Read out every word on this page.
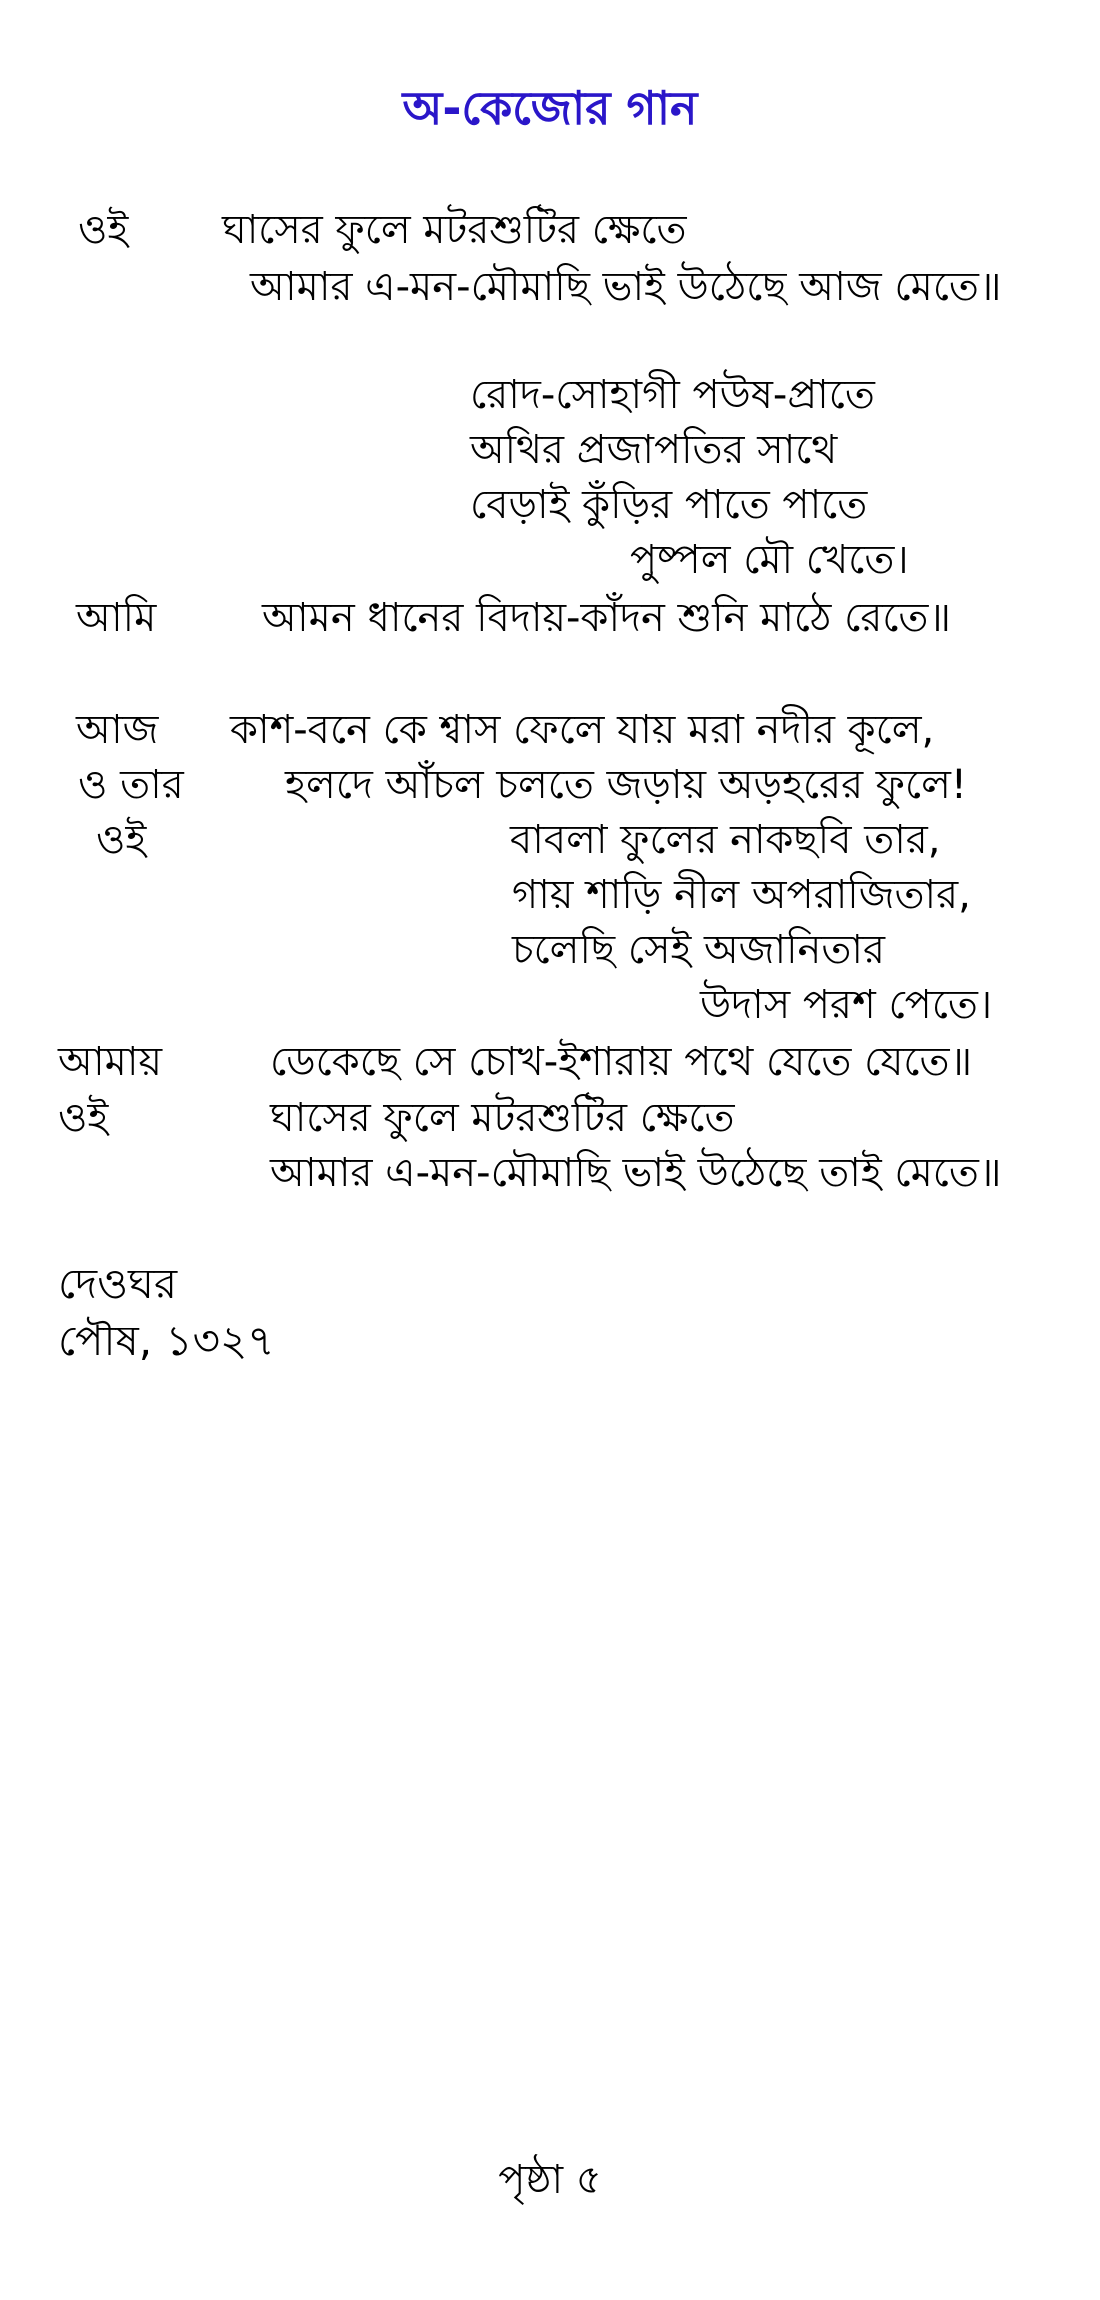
অ-কেজোর গান
ওই ঘাসের ফুলে মটরশুটির ক্ষেতে
আমার এ-মন-মৌমাছি ভাই উঠেছে আজ মেতে॥
রোদ-সোহাগী পউষ-প্রাতে
অথির প্রজাপতির সাথে
বেড়াই কুঁড়ির পাতে পাতে
পুষ্পল মৌ খেতে।
আমি	আমন ধানের বিদায়-কাঁদন শুনি মাঠে রেতে॥
আজ কাশ-বনে কে শ্বাস ফেলে যায় মরা নদীর কূলে,
ও তার	হলদে আঁচল চলতে জড়ায় অড়হরের ফুলে!
ওই	বাবলা ফুলের নাকছবি তার,
গায় শাড়ি নীল অপরাজিতার,
চলেছি সেই অজানিতার
উদাস পরশ পেতে।
আমায়	ডেকেছে সে চোখ-ইশারায় পথে যেতে যেতে॥
ওই	ঘাসের ফুলে মটরশুটির ক্ষেতে
আমার এ-মন-মৌমাছি ভাই উঠেছে তাই মেতে॥
দেওঘর
পৌষ, ১৩২৭
পৃষ্ঠা ৫
